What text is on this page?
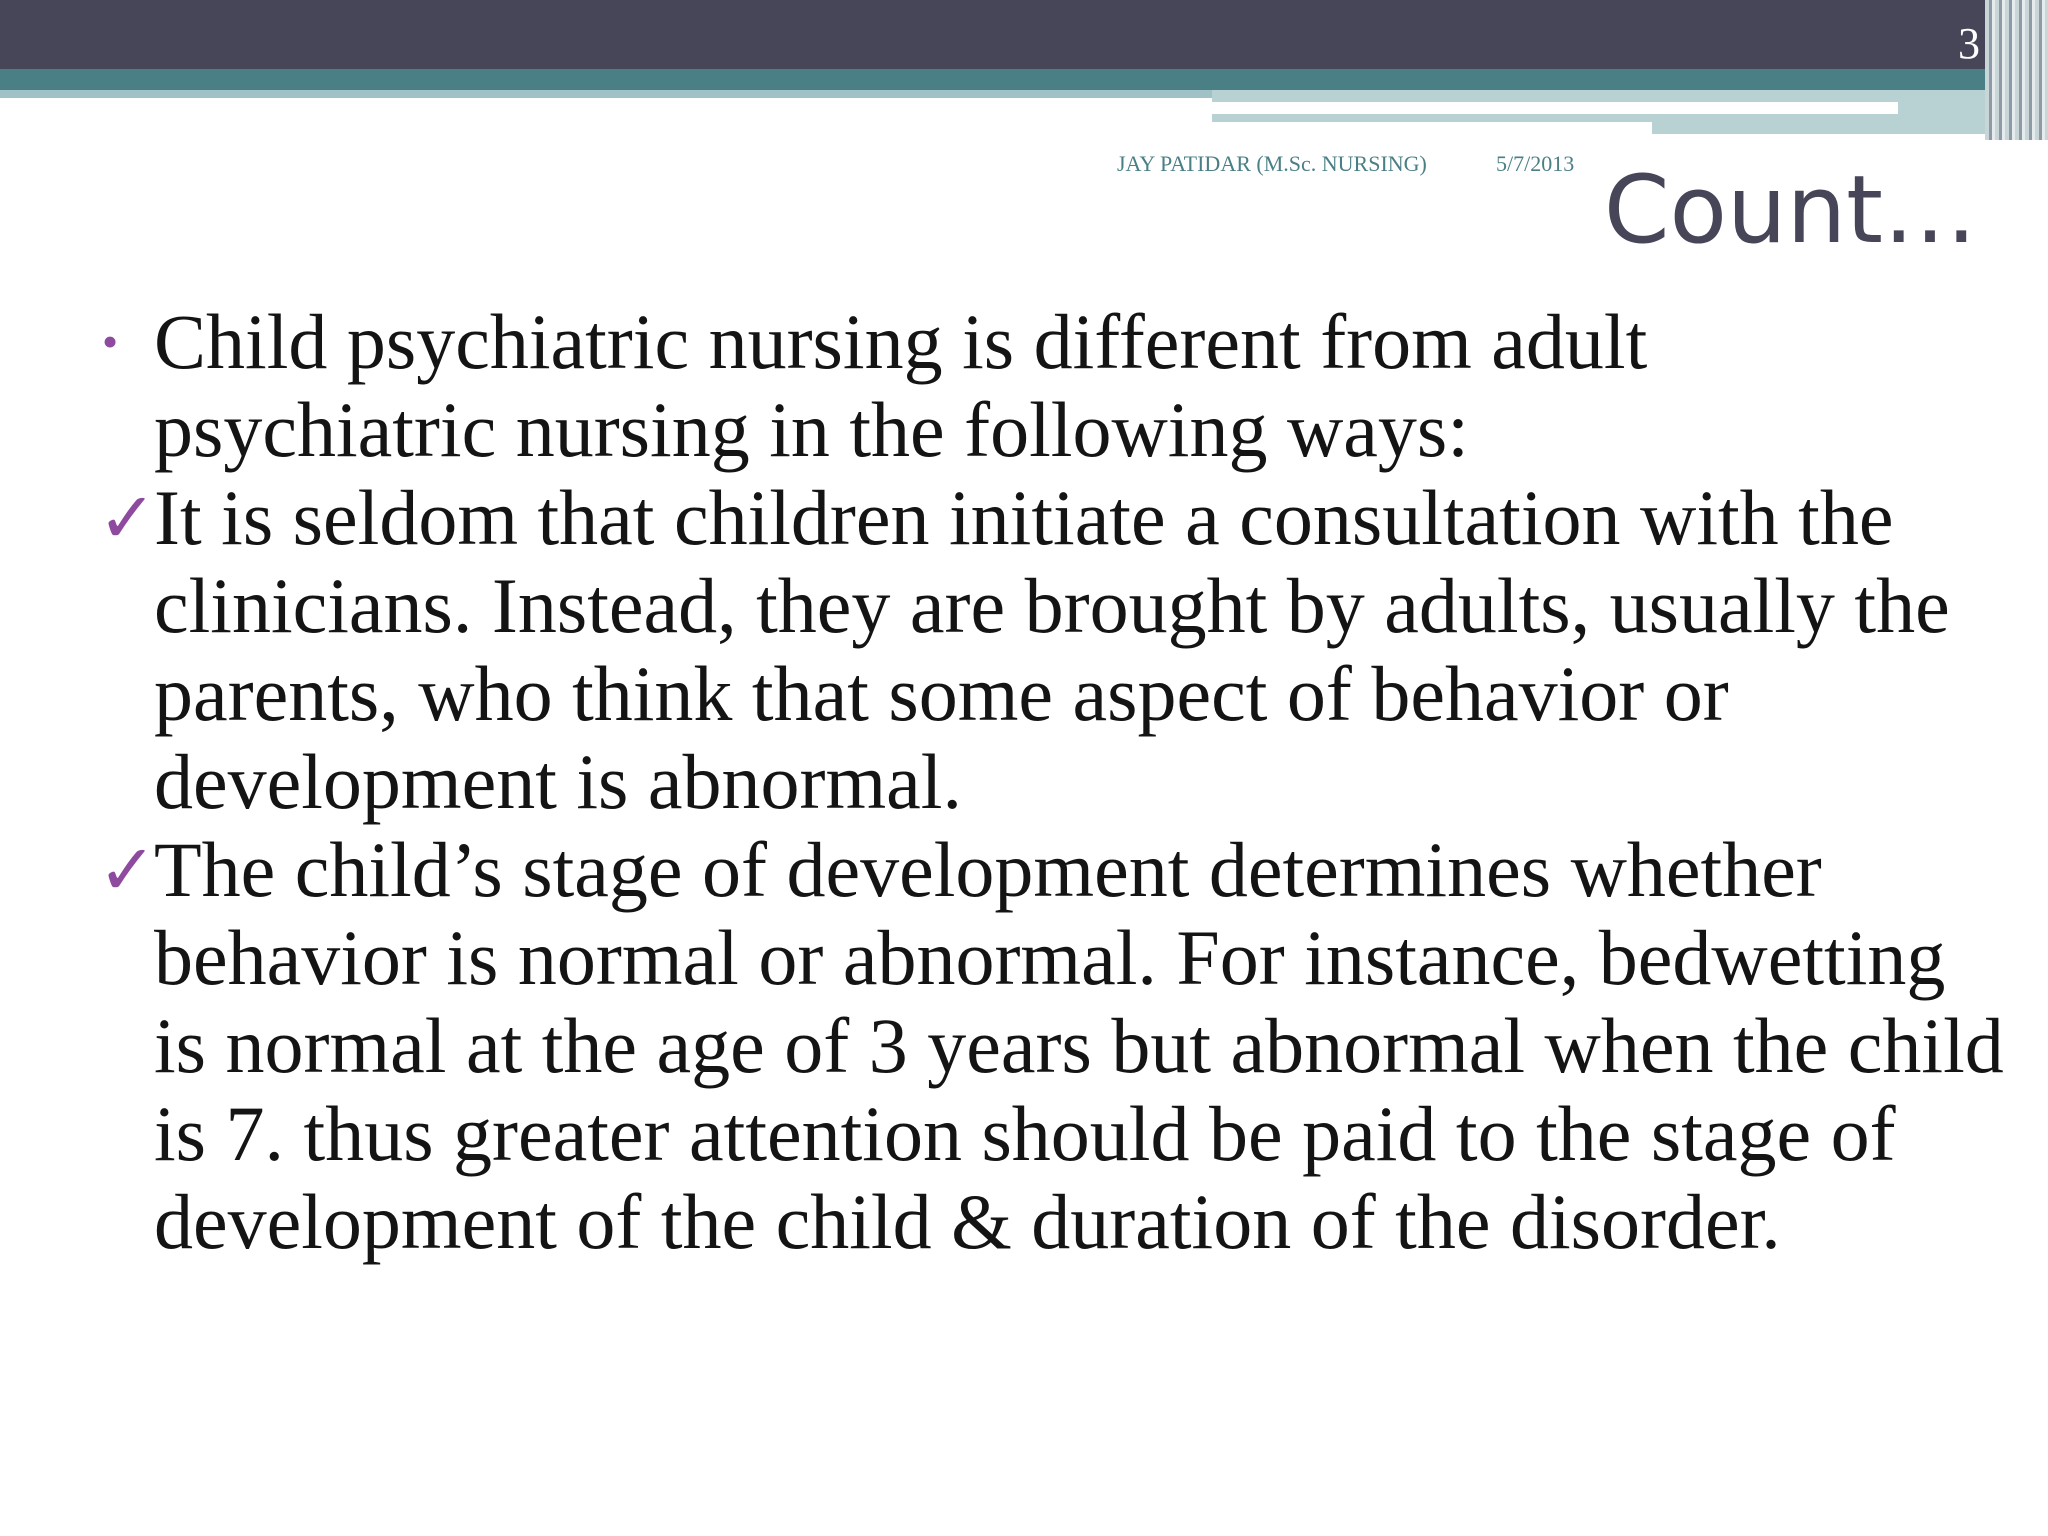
3
JAY PATIDAR (M.Sc. NURSING)	5/7/2013 Count…
• Child psychiatric nursing is different from adult psychiatric nursing in the following ways:
✓
It is seldom that children initiate a consultation with the clinicians. Instead, they are brought by adults, usually the parents, who think that some aspect of behavior or development is abnormal.
✓
The child’s stage of development determines whether behavior is normal or abnormal. For instance, bedwetting is normal at the age of 3 years but abnormal when the child is 7. thus greater attention should be paid to the stage of development of the child & duration of the disorder.
